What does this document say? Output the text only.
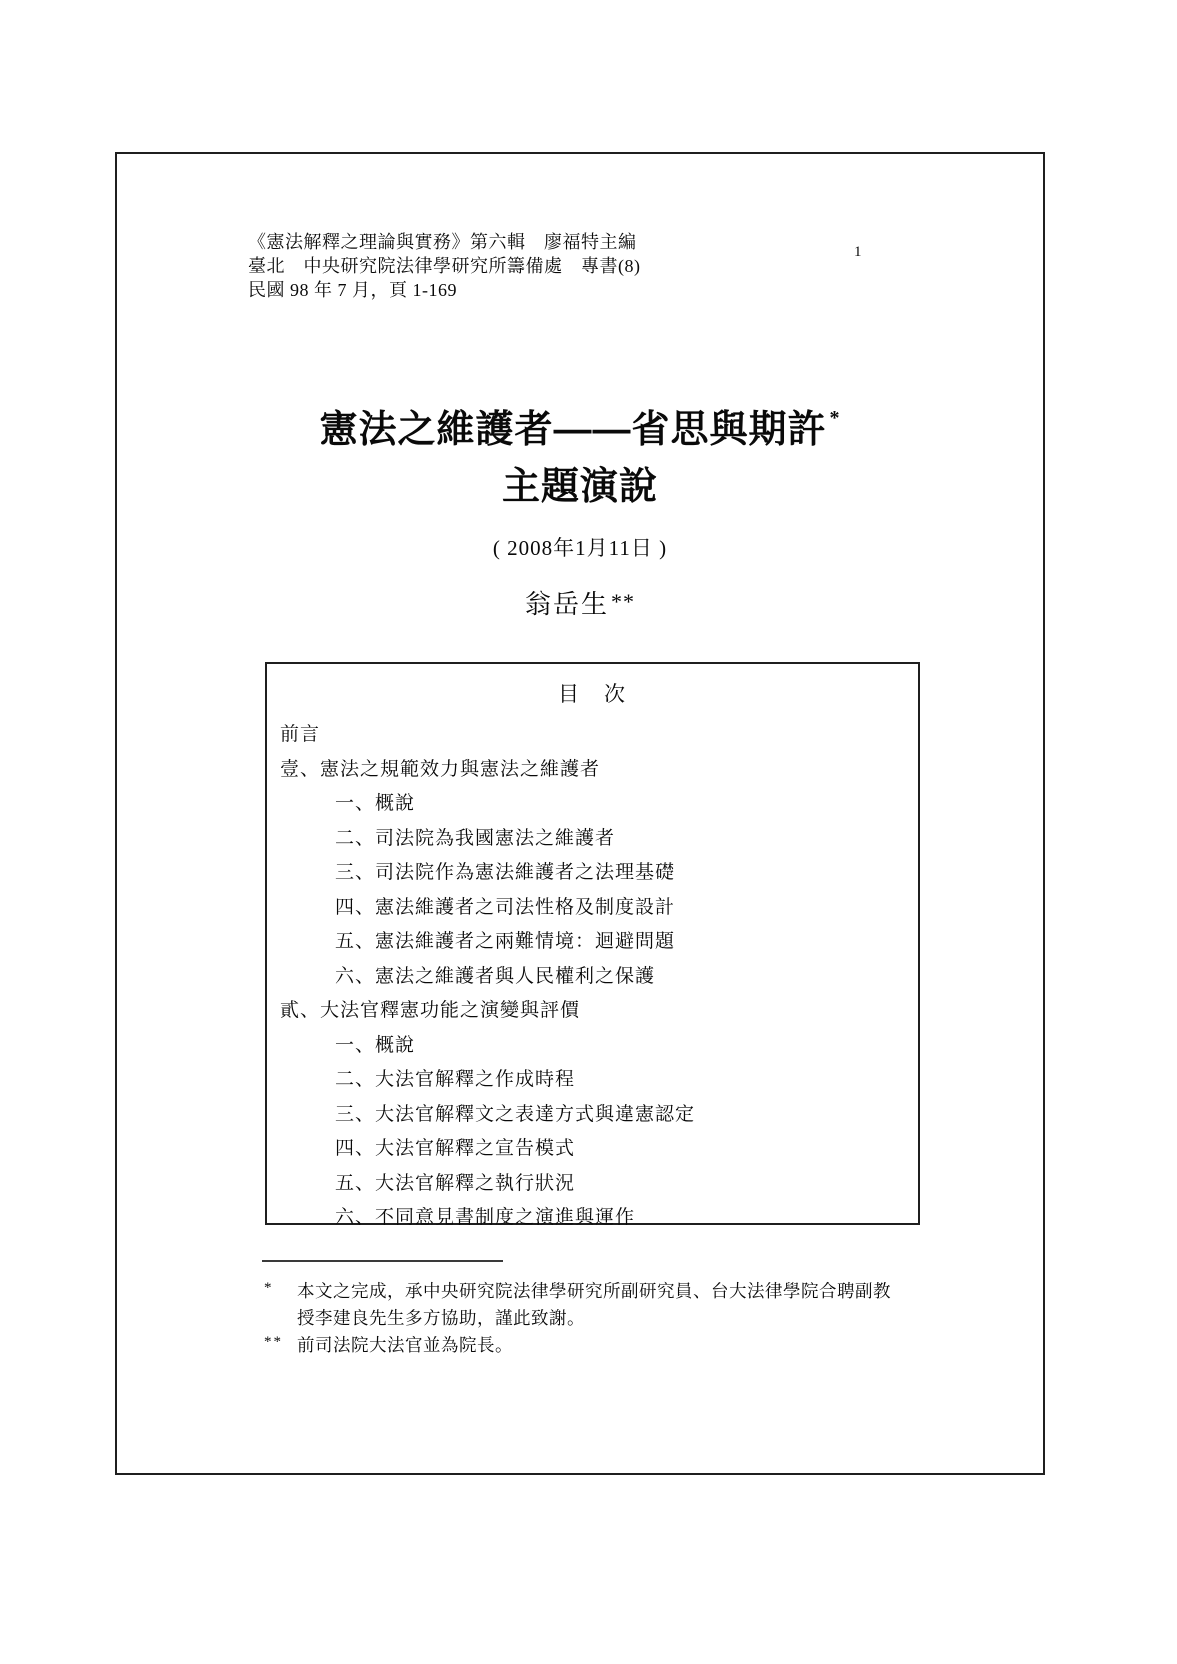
《憲法解釋之理論與實務》第六輯　廖福特主編
臺北　中央研究院法律學研究所籌備處　專書(8)
民國 98 年 7 月，頁 1-169
1
憲法之維護者——省思與期許 *
主題演說
( 2008年1月11日 )
翁岳生**
目　次
前言
壹、憲法之規範效力與憲法之維護者
一、概說
二、司法院為我國憲法之維護者
三、司法院作為憲法維護者之法理基礎
四、憲法維護者之司法性格及制度設計
五、憲法維護者之兩難情境：迴避問題
六、憲法之維護者與人民權利之保護
貳、大法官釋憲功能之演變與評價
一、概說
二、大法官解釋之作成時程
三、大法官解釋文之表達方式與違憲認定
四、大法官解釋之宣告模式
五、大法官解釋之執行狀況
六、不同意見書制度之演進與運作
* 本文之完成，承中央研究院法律學研究所副研究員、台大法律學院合聘副教授李建良先生多方協助，謹此致謝。
** 前司法院大法官並為院長。
